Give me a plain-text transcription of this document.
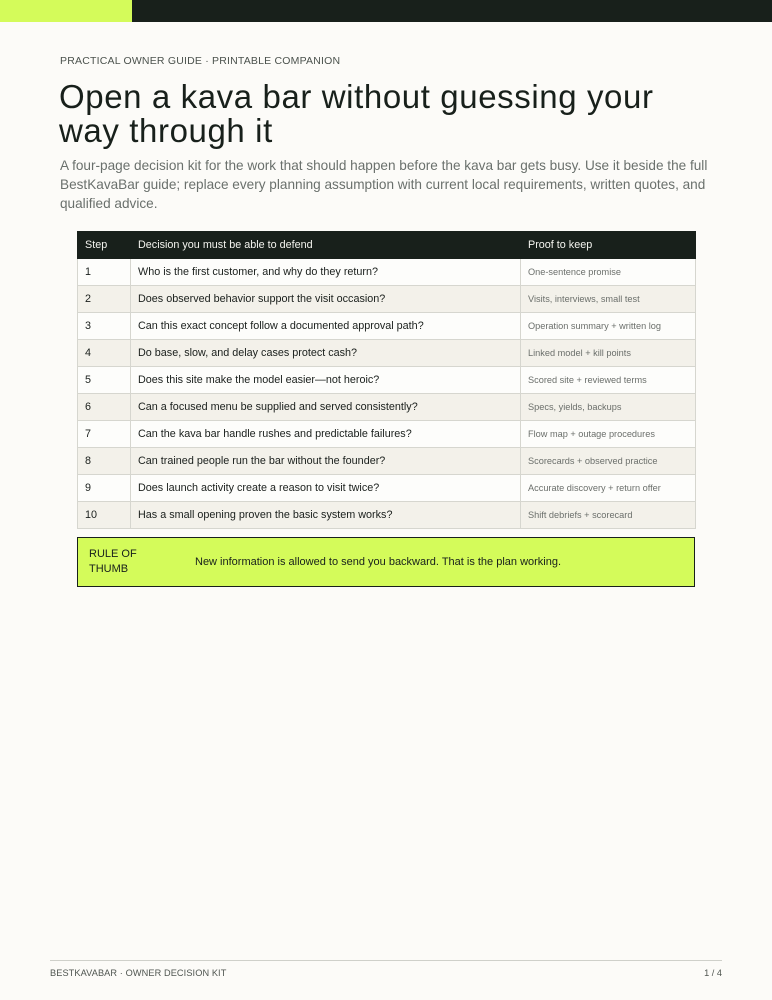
PRACTICAL OWNER GUIDE · PRINTABLE COMPANION
Open a kava bar without guessing your way through it

A four-page decision kit for the work that should happen before the kava bar gets busy. Use it beside the full BestKavaBar guide; replace every planning assumption with current local requirements, written quotes, and qualified advice.

Step	Decision you must be able to defend	Proof to keep
1	Who is the first customer, and why do they return?	One-sentence promise
2	Does observed behavior support the visit occasion?	Visits, interviews, small test
3	Can this exact concept follow a documented approval path?	Operation summary + written log
4	Do base, slow, and delay cases protect cash?	Linked model + kill points
5	Does this site make the model easier—not heroic?	Scored site + reviewed terms
6	Can a focused menu be supplied and served consistently?	Specs, yields, backups
7	Can the kava bar handle rushes and predictable failures?	Flow map + outage procedures
8	Can trained people run the bar without the founder?	Scorecards + observed practice
9	Does launch activity create a reason to visit twice?	Accurate discovery + return offer
10	Has a small opening proven the basic system works?	Shift debriefs + scorecard
RULE OF THUMB
New information is allowed to send you backward. That is the plan working.
BESTKAVABAR · OWNER DECISION KIT	1 / 4
